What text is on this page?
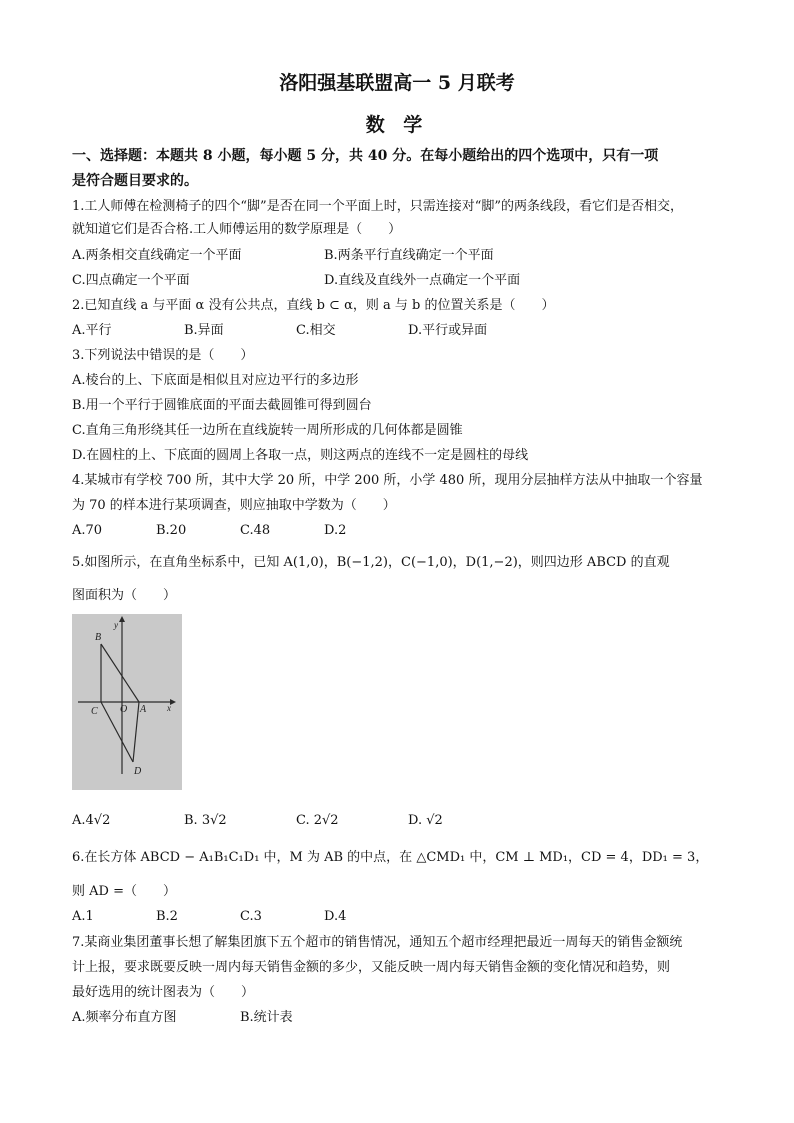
洛阳强基联盟高一 5 月联考
数 学
一、选择题：本题共 8 小题，每小题 5 分，共 40 分。在每小题给出的四个选项中，只有一项
是符合题目要求的。
1.工人师傅在检测椅子的四个“脚”是否在同一个平面上时，只需连接对“脚”的两条线段，看它们是否相交，
就知道它们是否合格.工人师傅运用的数学原理是（　　）
A.两条相交直线确定一个平面	B.两条平行直线确定一个平面
C.四点确定一个平面	D.直线及直线外一点确定一个平面
2.已知直线 a 与平面 α 没有公共点，直线 b ⊂ α，则 a 与 b 的位置关系是（　　）
A.平行	B.异面	C.相交	D.平行或异面
3.下列说法中错误的是（　　）
A.棱台的上、下底面是相似且对应边平行的多边形
B.用一个平行于圆锥底面的平面去截圆锥可得到圆台
C.直角三角形绕其任一边所在直线旋转一周所形成的几何体都是圆锥
D.在圆柱的上、下底面的圆周上各取一点，则这两点的连线不一定是圆柱的母线
4.某城市有学校 700 所，其中大学 20 所，中学 200 所，小学 480 所，现用分层抽样方法从中抽取一个容量
为 70 的样本进行某项调查，则应抽取中学数为（　　）
A.70	B.20	C.48	D.2
5.如图所示，在直角坐标系中，已知 A(1,0)，B(−1,2)，C(−1,0)，D(1,−2)，则四边形 ABCD 的直观
图面积为（　　）
B
y
C O A x
D
A.4√2	B. 3√2	C. 2√2	D. √2
6.在长方体 ABCD − A₁B₁C₁D₁ 中，M 为 AB 的中点，在 △CMD₁ 中，CM ⊥ MD₁，CD = 4，DD₁ = 3，
则 AD =（　　）
A.1	B.2	C.3	D.4
7.某商业集团董事长想了解集团旗下五个超市的销售情况，通知五个超市经理把最近一周每天的销售金额统
计上报，要求既要反映一周内每天销售金额的多少，又能反映一周内每天销售金额的变化情况和趋势，则
最好选用的统计图表为（　　）
A.频率分布直方图	B.统计表
